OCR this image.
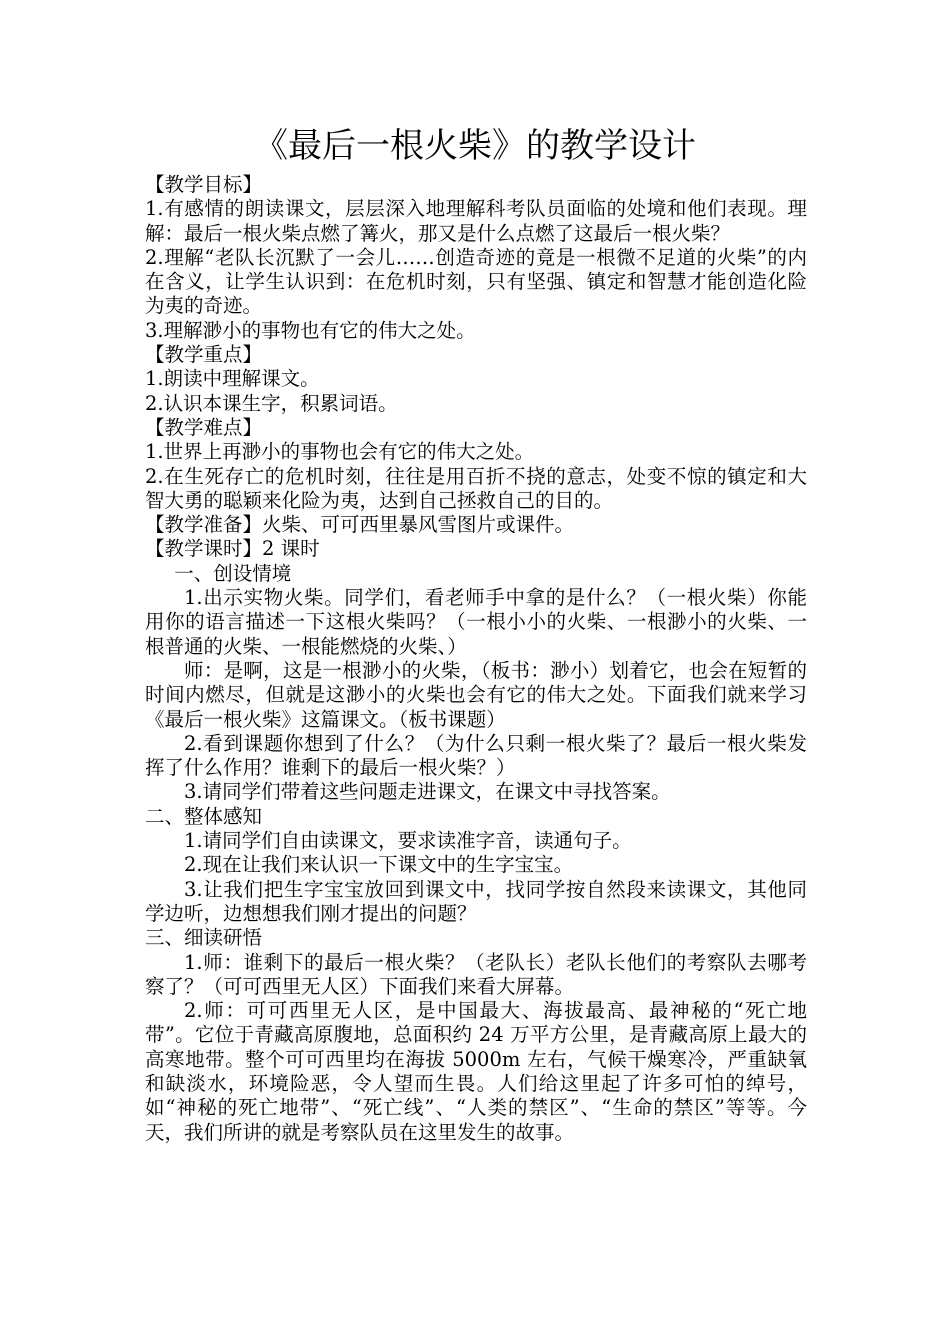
《最后一根火柴》的教学设计

【教学目标】

1.有感情的朗读课文，层层深入地理解科考队员面临的处境和他们表现。理解：最后一根火柴点燃了篝火，那又是什么点燃了这最后一根火柴？

2.理解“老队长沉默了一会儿……创造奇迹的竟是一根微不足道的火柴”的内在含义，让学生认识到：在危机时刻，只有坚强、镇定和智慧才能创造化险为夷的奇迹。

3.理解渺小的事物也有它的伟大之处。

【教学重点】

1.朗读中理解课文。

2.认识本课生字，积累词语。

【教学难点】

1.世界上再渺小的事物也会有它的伟大之处。

2.在生死存亡的危机时刻，往往是用百折不挠的意志，处变不惊的镇定和大智大勇的聪颖来化险为夷，达到自己拯救自己的目的。

【教学准备】火柴、可可西里暴风雪图片或课件。

【教学课时】2 课时

一、创设情境

1.出示实物火柴。同学们，看老师手中拿的是什么？（一根火柴）你能用你的语言描述一下这根火柴吗？（一根小小的火柴、一根渺小的火柴、一根普通的火柴、一根能燃烧的火柴、）

师：是啊，这是一根渺小的火柴，（板书：渺小）划着它，也会在短暂的时间内燃尽，但就是这渺小的火柴也会有它的伟大之处。下面我们就来学习《最后一根火柴》这篇课文。（板书课题）

2.看到课题你想到了什么？（为什么只剩一根火柴了？最后一根火柴发挥了什么作用？谁剩下的最后一根火柴？）

3.请同学们带着这些问题走进课文，在课文中寻找答案。

二、整体感知

1.请同学们自由读课文，要求读准字音，读通句子。

2.现在让我们来认识一下课文中的生字宝宝。

3.让我们把生字宝宝放回到课文中，找同学按自然段来读课文，其他同学边听，边想想我们刚才提出的问题？

三、细读研悟

1.师：谁剩下的最后一根火柴？（老队长）老队长他们的考察队去哪考察了？（可可西里无人区）下面我们来看大屏幕。

2.师：可可西里无人区，是中国最大、海拔最高、最神秘的“死亡地带”。它位于青藏高原腹地，总面积约 24 万平方公里，是青藏高原上最大的高寒地带。整个可可西里均在海拔 5000m 左右，气候干燥寒冷，严重缺氧和缺淡水，环境险恶，令人望而生畏。人们给这里起了许多可怕的绰号，如“神秘的死亡地带”、“死亡线”、“人类的禁区”、“生命的禁区”等等。今天，我们所讲的就是考察队员在这里发生的故事。
